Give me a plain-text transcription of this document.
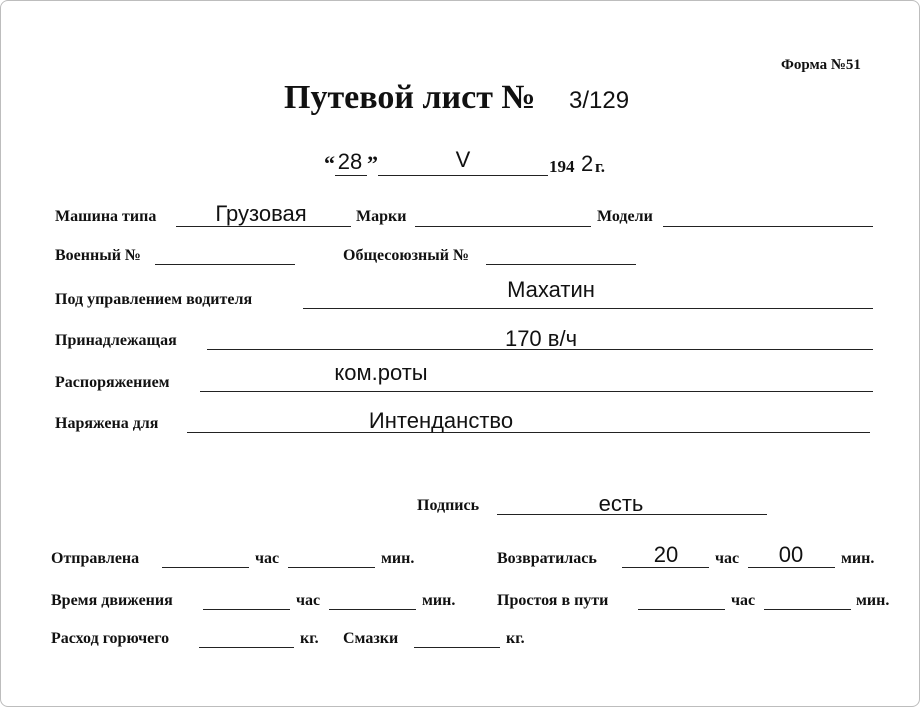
Форма №51
Путевой лист № 3/129
“ 28 ”	V	194 2 г.
Машина типа	Грузовая	Марки	Модели
Военный №	Общесоюзный №
Под управлением водителя	Махатин
Принадлежащая	170 в/ч
Распоряжением	ком.роты
Наряжена для	Интенданство
Подпись	есть
Отправлена	час	мин.	Возвратилась	20	час	00	мин.
Время движения	час	мин.	Простоя в пути	час	мин.
Расход горючего	кг. Смазки	кг.
